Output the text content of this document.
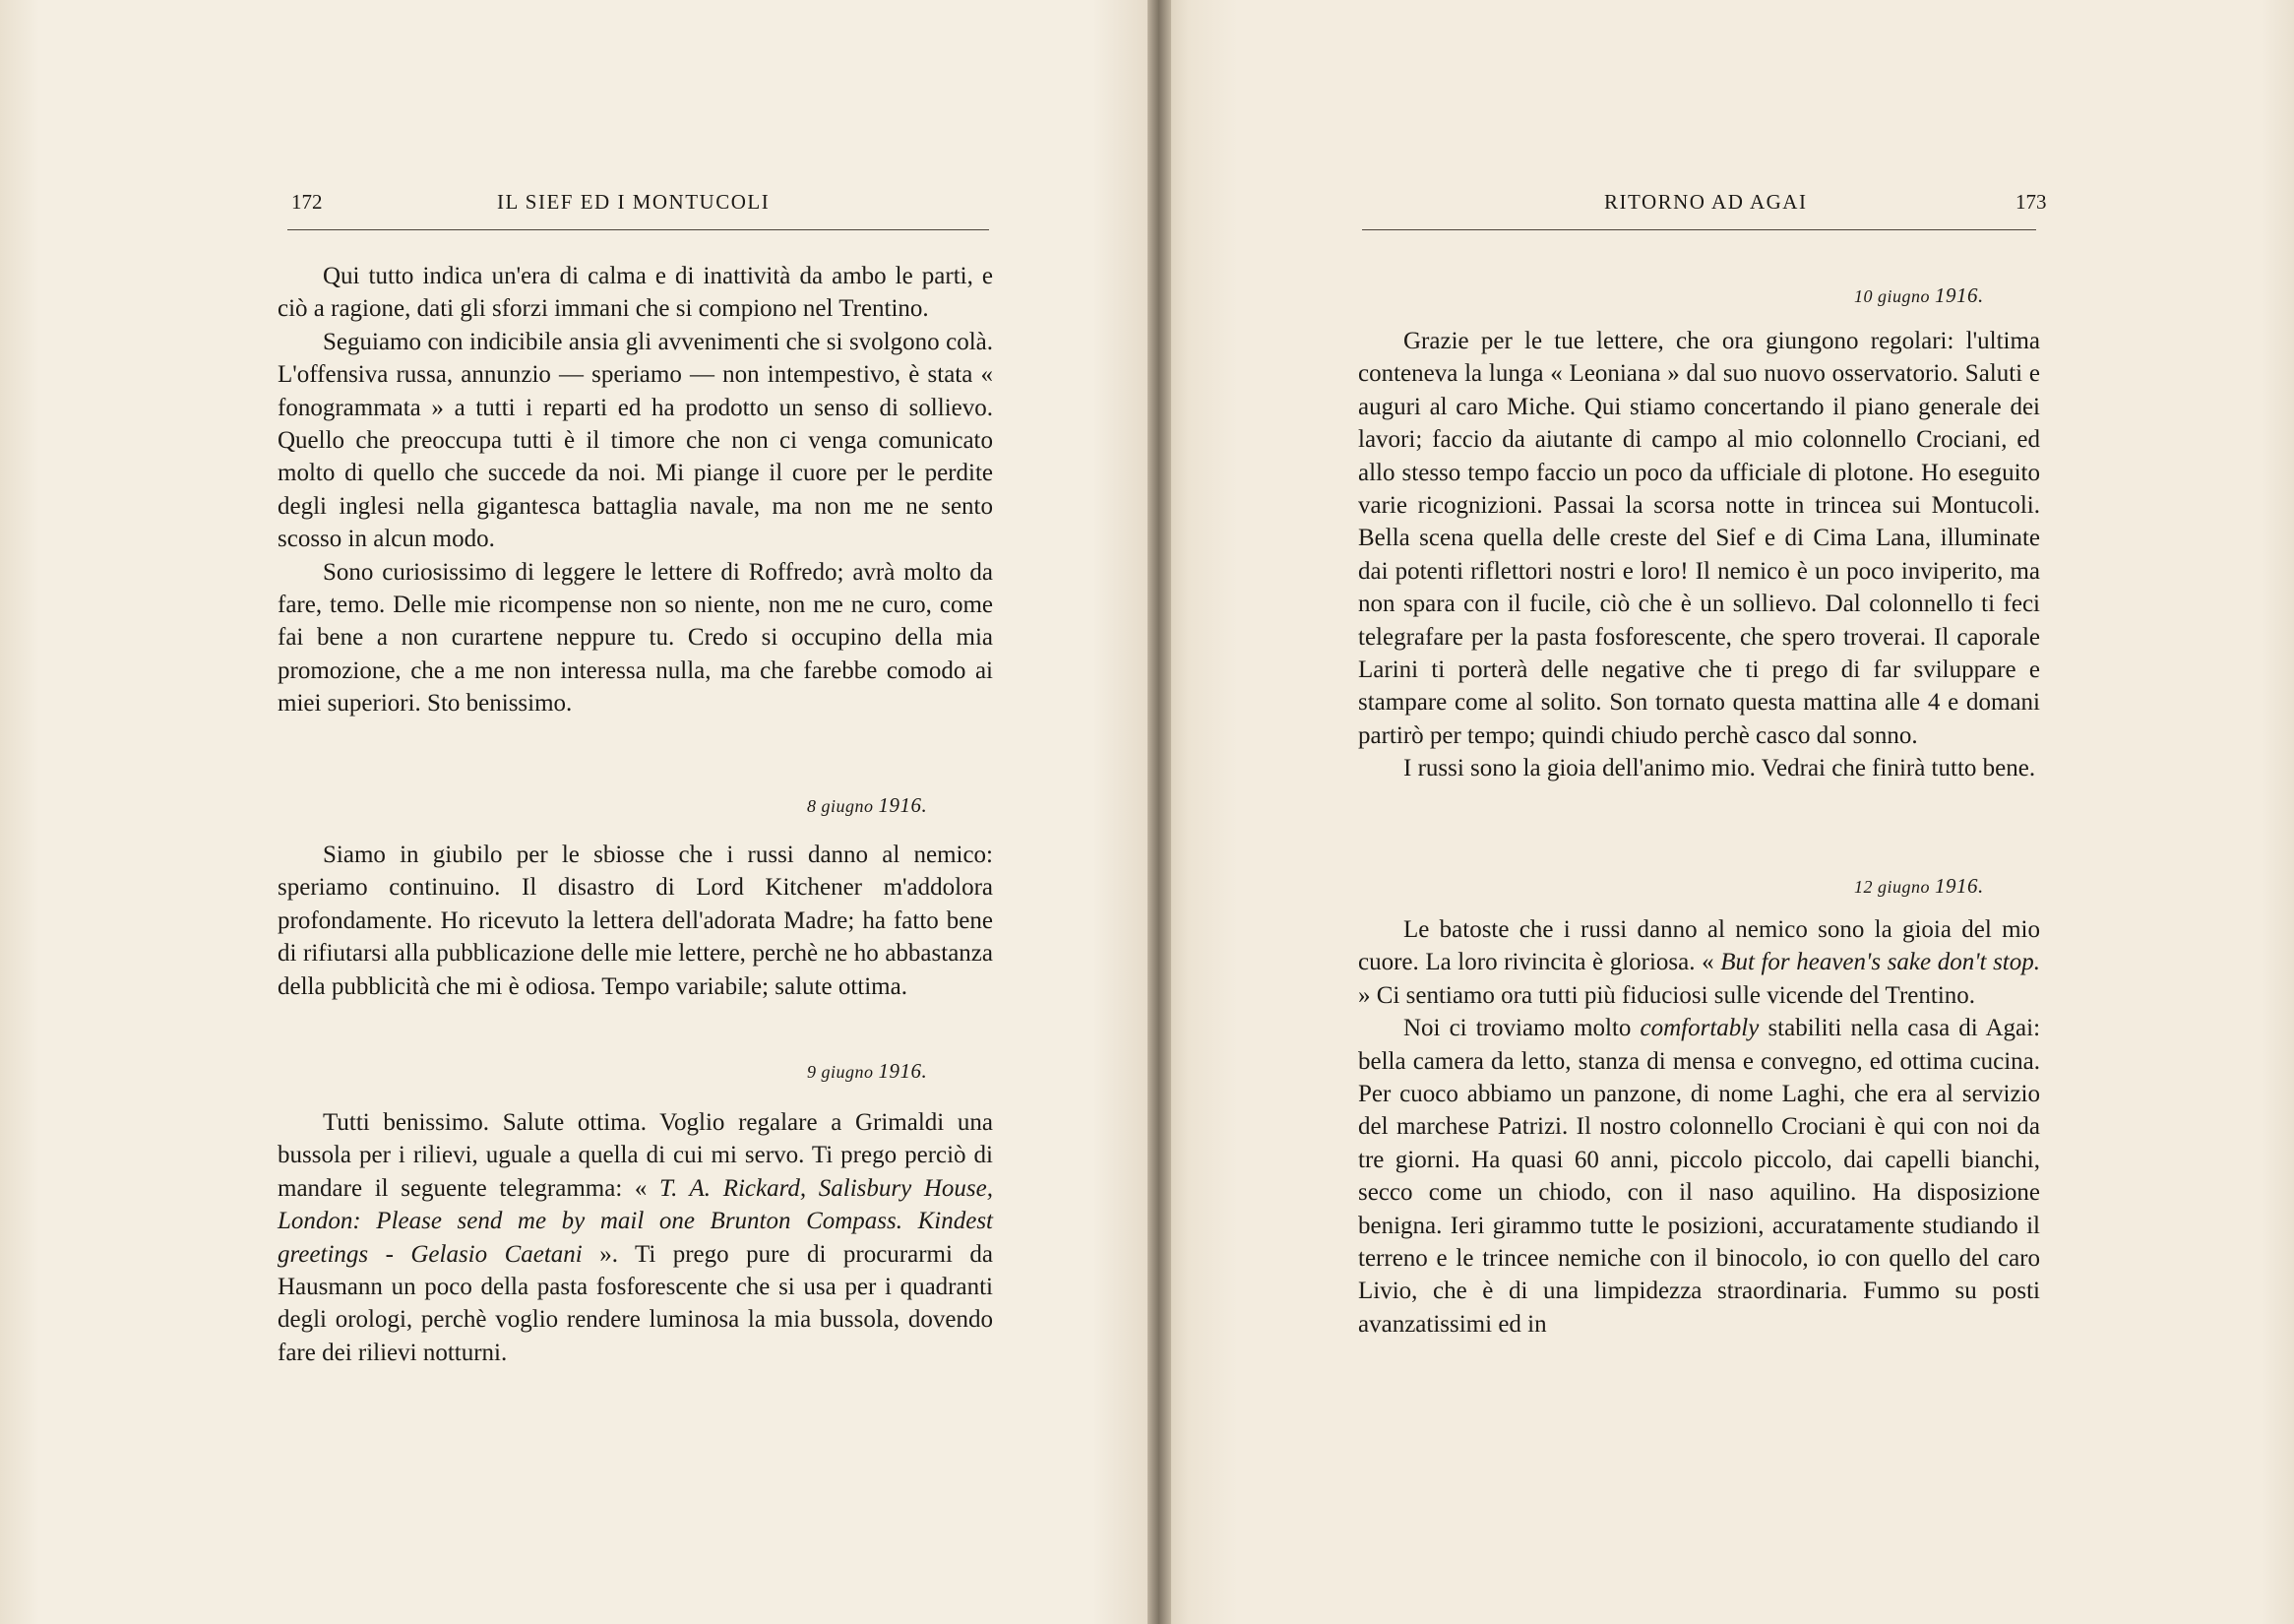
172	IL SIEF ED I MONTUCOLI

Qui tutto indica un'era di calma e di inattività da ambo le parti, e ciò a ragione, dati gli sforzi immani che si compiono nel Trentino.

Seguiamo con indicibile ansia gli avvenimenti che si svolgono colà. L'offensiva russa, annunzio — speriamo — non intempestivo, è stata « fonogrammata » a tutti i reparti ed ha prodotto un senso di sollievo. Quello che preoccupa tutti è il timore che non ci venga comunicato molto di quello che succede da noi. Mi piange il cuore per le perdite degli inglesi nella gigantesca battaglia navale, ma non me ne sento scosso in alcun modo.

Sono curiosissimo di leggere le lettere di Roffredo; avrà molto da fare, temo. Delle mie ricompense non so niente, non me ne curo, come fai bene a non curartene neppure tu. Credo si occupino della mia promozione, che a me non interessa nulla, ma che farebbe comodo ai miei superiori. Sto benissimo.

8 giugno 1916.

Siamo in giubilo per le sbiosse che i russi danno al nemico: speriamo continuino. Il disastro di Lord Kitchener m'addolora profondamente. Ho ricevuto la lettera dell'adorata Madre; ha fatto bene di rifiutarsi alla pubblicazione delle mie lettere, perchè ne ho abbastanza della pubblicità che mi è odiosa. Tempo variabile; salute ottima.

9 giugno 1916.

Tutti benissimo. Salute ottima. Voglio regalare a Grimaldi una bussola per i rilievi, uguale a quella di cui mi servo. Ti prego perciò di mandare il seguente telegramma: « T. A. Rickard, Salisbury House, London: Please send me by mail one Brunton Compass. Kindest greetings - Gelasio Caetani ». Ti prego pure di procurarmi da Hausmann un poco della pasta fosforescente che si usa per i quadranti degli orologi, perchè voglio rendere luminosa la mia bussola, dovendo fare dei rilievi notturni.

RITORNO AD AGAI	173
10 giugno 1916.

Grazie per le tue lettere, che ora giungono regolari: l'ultima conteneva la lunga « Leoniana » dal suo nuovo osservatorio. Saluti e auguri al caro Miche. Qui stiamo concertando il piano generale dei lavori; faccio da aiutante di campo al mio colonnello Crociani, ed allo stesso tempo faccio un poco da ufficiale di plotone. Ho eseguito varie ricognizioni. Passai la scorsa notte in trincea sui Montucoli. Bella scena quella delle creste del Sief e di Cima Lana, illuminate dai potenti riflettori nostri e loro! Il nemico è un poco inviperito, ma non spara con il fucile, ciò che è un sollievo. Dal colonnello ti feci telegrafare per la pasta fosforescente, che spero troverai. Il caporale Larini ti porterà delle negative che ti prego di far sviluppare e stampare come al solito. Son tornato questa mattina alle 4 e domani partirò per tempo; quindi chiudo perchè casco dal sonno.

I russi sono la gioia dell'animo mio. Vedrai che finirà tutto bene.

12 giugno 1916.

Le batoste che i russi danno al nemico sono la gioia del mio cuore. La loro rivincita è gloriosa. « But for heaven's sake don't stop. » Ci sentiamo ora tutti più fiduciosi sulle vicende del Trentino.

Noi ci troviamo molto comfortably stabiliti nella casa di Agai: bella camera da letto, stanza di mensa e convegno, ed ottima cucina. Per cuoco abbiamo un panzone, di nome Laghi, che era al servizio del marchese Patrizi. Il nostro colonnello Crociani è qui con noi da tre giorni. Ha quasi 60 anni, piccolo piccolo, dai capelli bianchi, secco come un chiodo, con il naso aquilino. Ha disposizione benigna. Ieri girammo tutte le posizioni, accuratamente studiando il terreno e le trincee nemiche con il binocolo, io con quello del caro Livio, che è di una limpidezza straordinaria. Fummo su posti avanzatissimi ed in
